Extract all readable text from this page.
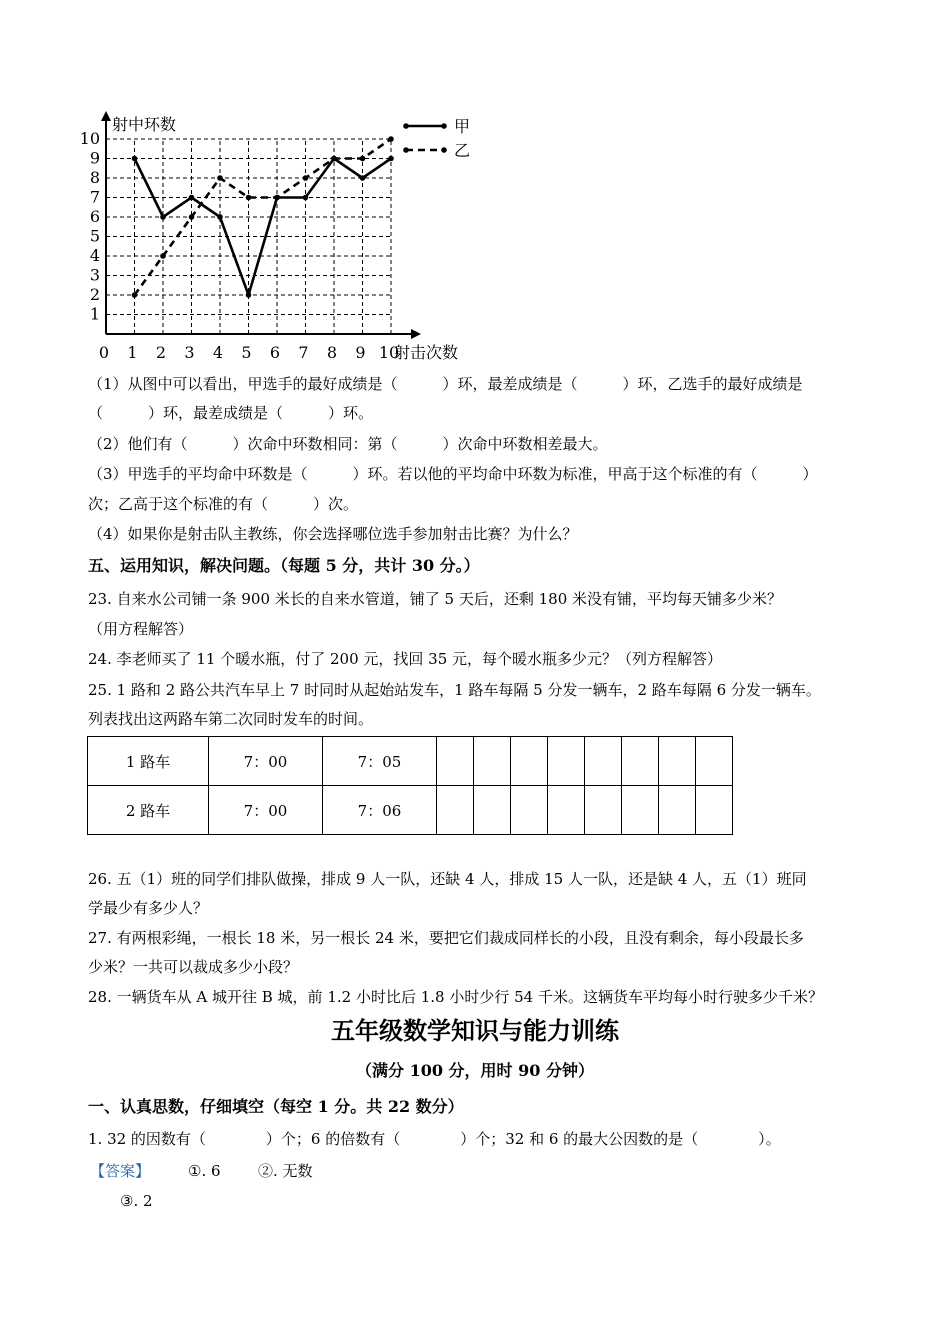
0 1 2 3 4 5 6 7 8 9 10
1
2
3
4
5
6
7
8
9
10
甲
乙
射中环数
射击次数
（1）从图中可以看出，甲选手的最好成绩是（　　　）环，最差成绩是（　　　）环，乙选手的最好成绩是
（　　　）环，最差成绩是（　　　）环。
（2）他们有（　　　）次命中环数相同：第（　　　）次命中环数相差最大。
（3）甲选手的平均命中环数是（　　　）环。若以他的平均命中环数为标准，甲高于这个标准的有（　　　）
次；乙高于这个标准的有（　　　）次。
（4）如果你是射击队主教练，你会选择哪位选手参加射击比赛？为什么？
五、运用知识，解决问题。（每题 5 分，共计 30 分。）
23. 自来水公司铺一条 900 米长的自来水管道，铺了 5 天后，还剩 180 米没有铺，平均每天铺多少米？
（用方程解答）
24. 李老师买了 11 个暖水瓶，付了 200 元，找回 35 元，每个暖水瓶多少元？（列方程解答）
25. 1 路和 2 路公共汽车早上 7 时同时从起始站发车，1 路车每隔 5 分发一辆车，2 路车每隔 6 分发一辆车。
列表找出这两路车第二次同时发车的时间。
1 路车	7：00	7：05								
2 路车	7：00	7：06								
26. 五（1）班的同学们排队做操，排成 9 人一队，还缺 4 人，排成 15 人一队，还是缺 4 人，五（1）班同
学最少有多少人？
27. 有两根彩绳，一根长 18 米，另一根长 24 米，要把它们裁成同样长的小段，且没有剩余，每小段最长多
少米？一共可以裁成多少小段？
28. 一辆货车从 A 城开往 B 城，前 1.2 小时比后 1.8 小时少行 54 千米。这辆货车平均每小时行驶多少千米？
五年级数学知识与能力训练
（满分 100 分，用时 90 分钟）
一、认真思数，仔细填空（每空 1 分。共 22 数分）
1. 32 的因数有（　　　　）个；6 的倍数有（　　　　）个；32 和 6 的最大公因数的是（　　　　）。
【答案】	①. 6 ②. 无数
③. 2
